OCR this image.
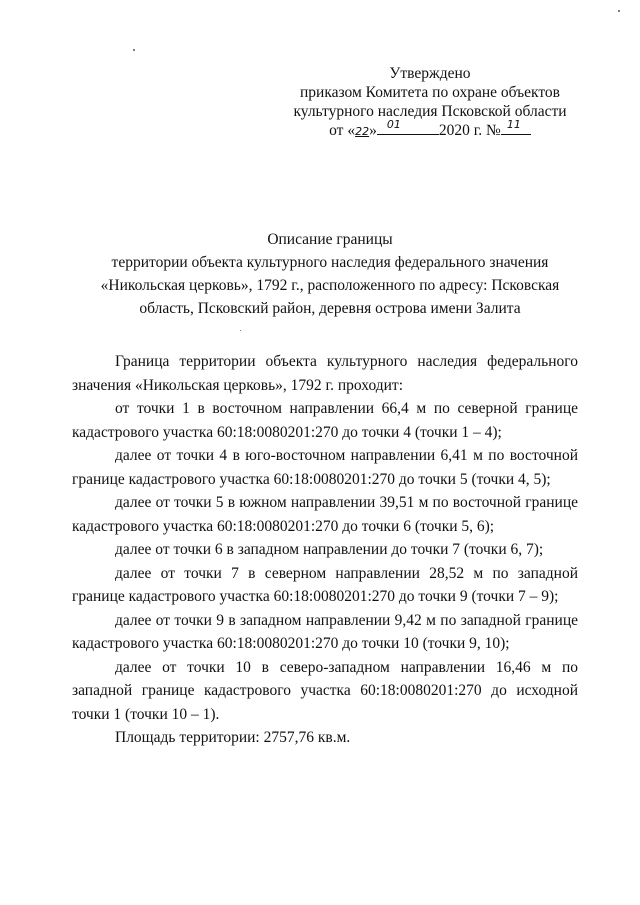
Утверждено
приказом Комитета по охране объектов
культурного наследия Псковской области
от «22» 01 2020 г. № 11
Описание границы
территории объекта культурного наследия федерального значения
«Никольская церковь», 1792 г., расположенного по адресу: Псковская
область, Псковский район, деревня острова имени Залита

Граница территории объекта культурного наследия федерального значения «Никольская церковь», 1792 г. проходит:

от точки 1 в восточном направлении 66,4 м по северной границе кадастрового участка 60:18:0080201:270 до точки 4 (точки 1 – 4);

далее от точки 4 в юго-восточном направлении 6,41 м по восточной границе кадастрового участка 60:18:0080201:270 до точки 5 (точки 4, 5);

далее от точки 5 в южном направлении 39,51 м по восточной границе кадастрового участка 60:18:0080201:270 до точки 6 (точки 5, 6);

далее от точки 6 в западном направлении до точки 7 (точки 6, 7);

далее от точки 7 в северном направлении 28,52 м по западной границе кадастрового участка 60:18:0080201:270 до точки 9 (точки 7 – 9);

далее от точки 9 в западном направлении 9,42 м по западной границе кадастрового участка 60:18:0080201:270 до точки 10 (точки 9, 10);

далее от точки 10 в северо-западном направлении 16,46 м по западной границе кадастрового участка 60:18:0080201:270 до исходной точки 1 (точки 10 – 1).

Площадь территории: 2757,76 кв.м.
